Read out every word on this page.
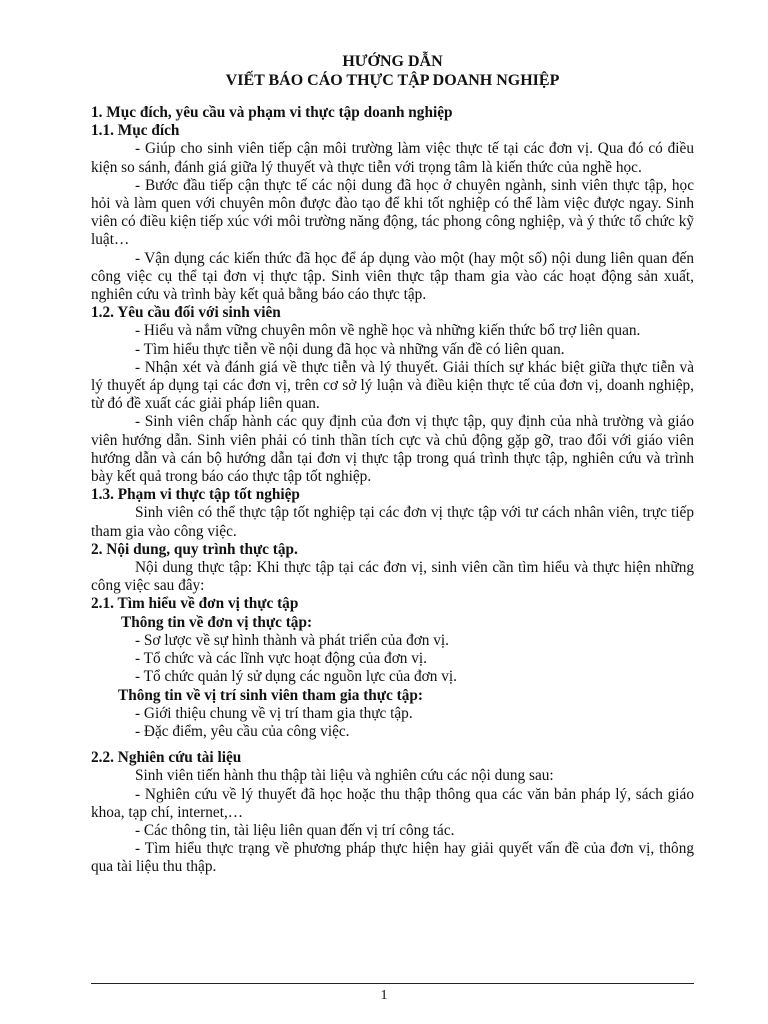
HƯỚNG DẪN
VIẾT BÁO CÁO THỰC TẬP DOANH NGHIỆP
1. Mục đích, yêu cầu và phạm vi thực tập doanh nghiệp
1.1. Mục đích
- Giúp cho sinh viên tiếp cận môi trường làm việc thực tế tại các đơn vị. Qua đó có điều kiện so sánh, đánh giá giữa lý thuyết và thực tiễn với trọng tâm là kiến thức của nghề học.
- Bước đầu tiếp cận thực tế các nội dung đã học ở chuyên ngành, sinh viên thực tập, học hỏi và làm quen với chuyên môn được đào tạo để khi tốt nghiệp có thể làm việc được ngay. Sinh viên có điều kiện tiếp xúc với môi trường năng động, tác phong công nghiệp, và ý thức tổ chức kỹ luật…
- Vận dụng các kiến thức đã học để áp dụng vào một (hay một số) nội dung liên quan đến công việc cụ thể tại đơn vị thực tập. Sinh viên thực tập tham gia vào các hoạt động sản xuất, nghiên cứu và trình bày kết quả bằng báo cáo thực tập.
1.2. Yêu cầu đối với sinh viên
- Hiểu và nắm vững chuyên môn về nghề học và những kiến thức bổ trợ liên quan.
- Tìm hiểu thực tiễn về nội dung đã học và những vấn đề có liên quan.
- Nhận xét và đánh giá về thực tiễn và lý thuyết. Giải thích sự khác biệt giữa thực tiễn và lý thuyết áp dụng tại các đơn vị, trên cơ sở lý luận và điều kiện thực tế của đơn vị, doanh nghiệp, từ đó đề xuất các giải pháp liên quan.
- Sinh viên chấp hành các quy định của đơn vị thực tập, quy định của nhà trường và giáo viên hướng dẫn. Sinh viên phải có tinh thần tích cực và chủ động gặp gỡ, trao đổi với giáo viên hướng dẫn và cán bộ hướng dẫn tại đơn vị thực tập trong quá trình thực tập, nghiên cứu và trình bày kết quả trong báo cáo thực tập tốt nghiệp.
1.3. Phạm vi thực tập tốt nghiệp
Sinh viên có thể thực tập tốt nghiệp tại các đơn vị thực tập với tư cách nhân viên, trực tiếp tham gia vào công việc.
2. Nội dung, quy trình thực tập.
Nội dung thực tập: Khi thực tập tại các đơn vị, sinh viên cần tìm hiểu và thực hiện những công việc sau đây:
2.1. Tìm hiểu về đơn vị thực tập
Thông tin về đơn vị thực tập:
- Sơ lược về sự hình thành và phát triển của đơn vị.
- Tổ chức và các lĩnh vực hoạt động của đơn vị.
- Tổ chức quản lý sử dụng các nguồn lực của đơn vị.
Thông tin về vị trí sinh viên tham gia thực tập:
- Giới thiệu chung về vị trí tham gia thực tập.
- Đặc điểm, yêu cầu của công việc.
2.2. Nghiên cứu tài liệu
Sinh viên tiến hành thu thập tài liệu và nghiên cứu các nội dung sau:
- Nghiên cứu về lý thuyết đã học hoặc thu thập thông qua các văn bản pháp lý, sách giáo khoa, tạp chí, internet,…
- Các thông tin, tài liệu liên quan đến vị trí công tác.
- Tìm hiểu thực trạng về phương pháp thực hiện hay giải quyết vấn đề của đơn vị, thông qua tài liệu thu thập.
1
